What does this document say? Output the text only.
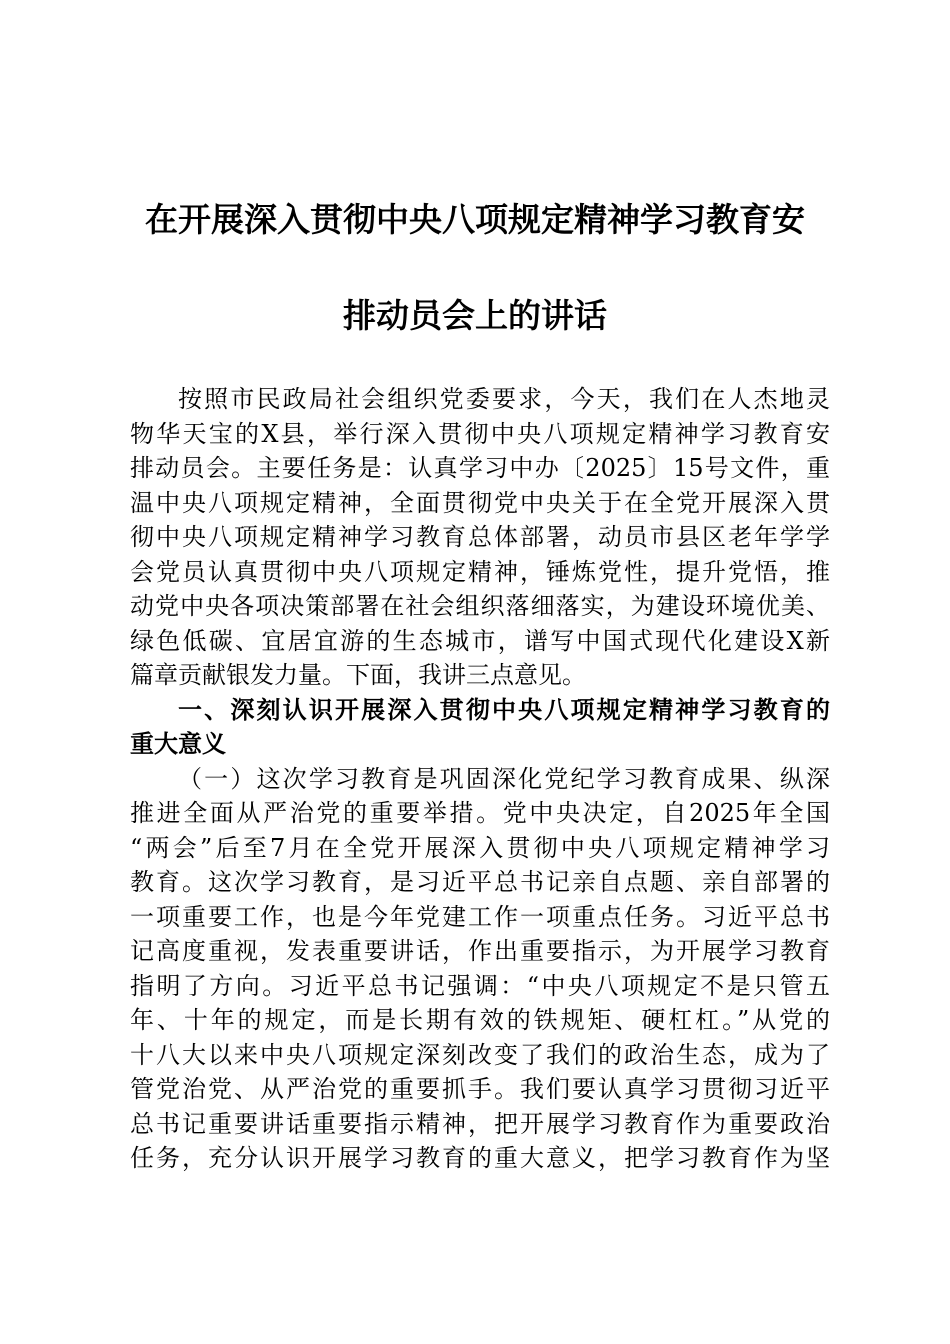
在开展深入贯彻中央八项规定精神学习教育安
排动员会上的讲话
按照市民政局社会组织党委要求，今天，我们在人杰地灵
物华天宝的X县，举行深入贯彻中央八项规定精神学习教育安
排动员会。主要任务是：认真学习中办〔2025〕15号文件，重
温中央八项规定精神，全面贯彻党中央关于在全党开展深入贯
彻中央八项规定精神学习教育总体部署，动员市县区老年学学
会党员认真贯彻中央八项规定精神，锤炼党性，提升党悟，推
动党中央各项决策部署在社会组织落细落实，为建设环境优美、
绿色低碳、宜居宜游的生态城市，谱写中国式现代化建设X新
篇章贡献银发力量。下面，我讲三点意见。
一、深刻认识开展深入贯彻中央八项规定精神学习教育的
重大意义
（一）这次学习教育是巩固深化党纪学习教育成果、纵深
推进全面从严治党的重要举措。党中央决定，自2025年全国
“两会”后至7月在全党开展深入贯彻中央八项规定精神学习
教育。这次学习教育，是习近平总书记亲自点题、亲自部署的
一项重要工作，也是今年党建工作一项重点任务。习近平总书
记高度重视，发表重要讲话，作出重要指示，为开展学习教育
指明了方向。习近平总书记强调：“中央八项规定不是只管五
年、十年的规定，而是长期有效的铁规矩、硬杠杠。”从党的
十八大以来中央八项规定深刻改变了我们的政治生态，成为了
管党治党、从严治党的重要抓手。我们要认真学习贯彻习近平
总书记重要讲话重要指示精神，把开展学习教育作为重要政治
任务，充分认识开展学习教育的重大意义，把学习教育作为坚
